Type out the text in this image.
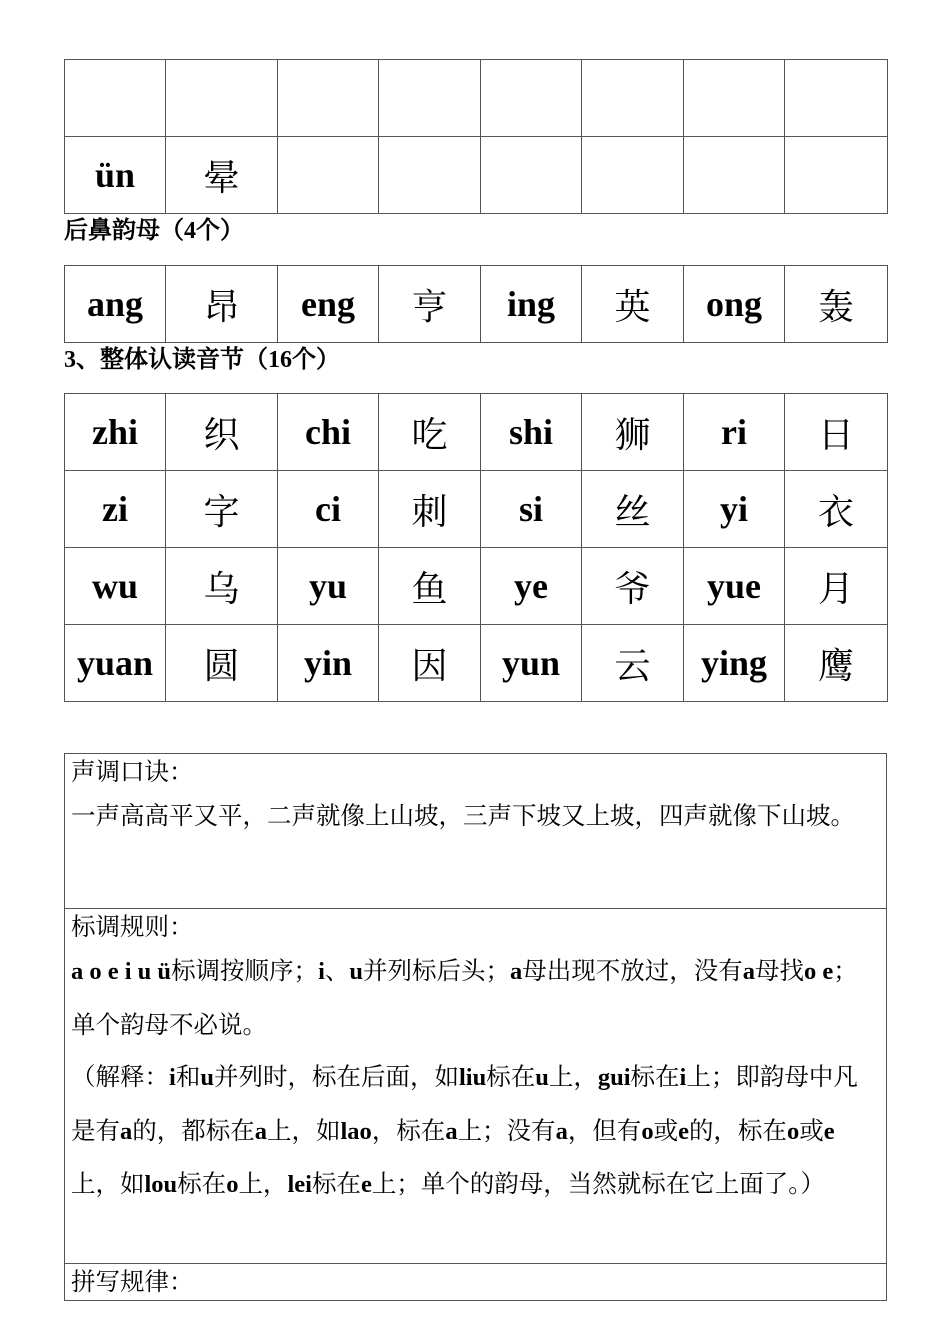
ün	晕						
后鼻韵母（4个）
ang	昂	eng	亨	ing	英	ong	轰
3、整体认读音节（16个）
zhi	织	chi	吃	shi	狮	ri	日
zi	字	ci	刺	si	丝	yi	衣
wu	乌	yu	鱼	ye	爷	yue	月
yuan	圆	yin	因	yun	云	ying	鹰
声调口诀：
一声高高平又平，二声就像上山坡，三声下坡又上坡，四声就像下山坡。

标调规则：
a o e i u ü标调按顺序；i、u并列标后头；a母出现不放过，没有a母找o e；单个韵母不必说。
（解释：i和u并列时，标在后面，如liu标在u上，gui标在i上；即韵母中凡是有a的，都标在a上，如lao，标在a上；没有a，但有o或e的，标在o或e上，如lou标在o上，lei标在e上；单个的韵母，当然就标在它上面了。）

拼写规律：
